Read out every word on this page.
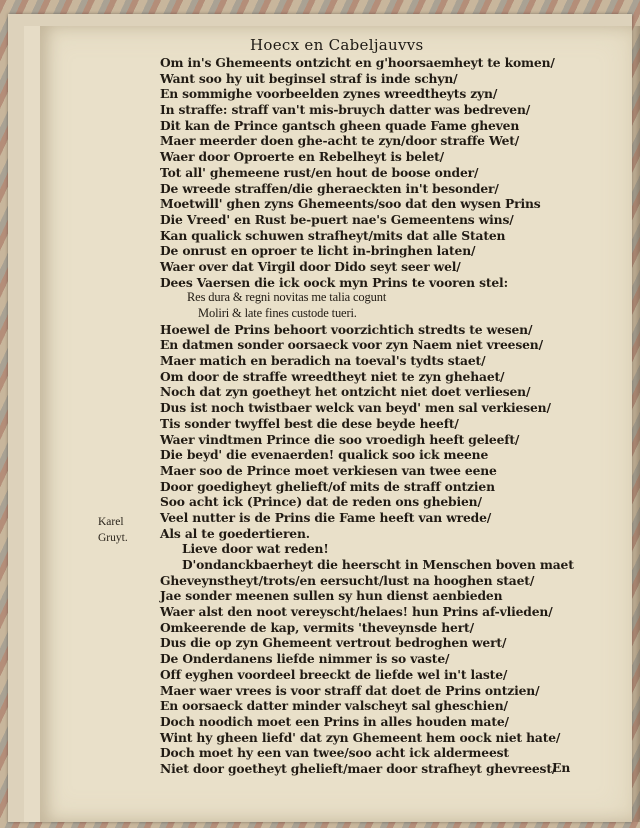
Hoecx en Cabeljauvvs
Om in's Ghemeents ontzicht en g'hoorsaemheyt te komen/
Want soo hy uit beginsel straf is inde schyn/
En sommighe voorbeelden zynes wreedtheyts zyn/
In straffe: straff van't mis-bruych datter was bedreven/
Dit kan de Prince gantsch gheen quade Fame gheven
Maer meerder doen ghe-acht te zyn/door straffe Wet/
Waer door Oproerte en Rebelheyt is belet/
Tot all' ghemeene rust/en hout de boose onder/
De wreede straffen/die gheraeckten in't besonder/
Moetwill' ghen zyns Ghemeents/soo dat den wysen Prins
Die Vreed' en Rust be-puert nae's Gemeentens wins/
Kan qualick schuwen strafheyt/mits dat alle Staten
De onrust en oproer te licht in-bringhen laten/
Waer over dat Virgil door Dido seyt seer wel/
Dees Vaersen die ick oock myn Prins te vooren stel:
Res dura & regni novitas me talia cogunt
Moliri & late fines custode tueri.
Hoewel de Prins behoort voorzichtich stredts te wesen/
En datmen sonder oorsaeck voor zyn Naem niet vreesen/
Maer matich en beradich na toeval's tydts staet/
Om door de straffe wreedtheyt niet te zyn ghehaet/
Noch dat zyn goetheyt het ontzicht niet doet verliesen/
Dus ist noch twistbaer welck van beyd' men sal verkiesen/
Tis sonder twyffel best die dese beyde heeft/
Waer vindtmen Prince die soo vroedigh heeft geleeft/
Die beyd' die evenaerden! qualick soo ick meene
Maer soo de Prince moet verkiesen van twee eene
Door goedigheyt ghelieft/of mits de straff ontzien
Soo acht ick (Prince) dat de reden ons ghebien/
Veel nutter is de Prins die Fame heeft van wrede/
Als al te goedertieren.
Lieve door wat reden!
D'ondanckbaerheyt die heerscht in Menschen boven maet
Gheveynstheyt/trots/en eersucht/lust na hooghen staet/
Jae sonder meenen sullen sy hun dienst aenbieden
Waer alst den noot vereyscht/helaes! hun Prins af-vlieden/
Omkeerende de kap, vermits 'theveynsde hert/
Dus die op zyn Ghemeent vertrout bedroghen wert/
De Onderdanens liefde nimmer is so vaste/
Off eyghen voordeel breeckt de liefde wel in't laste/
Maer waer vrees is voor straff dat doet de Prins ontzien/
En oorsaeck datter minder valscheyt sal gheschien/
Doch noodich moet een Prins in alles houden mate/
Wint hy gheen liefd' dat zyn Ghemeent hem oock niet hate/
Doch moet hy een van twee/soo acht ick aldermeest
Niet door goetheyt ghelieft/maer door strafheyt ghevreest/
Karel
Gruyt.
En
